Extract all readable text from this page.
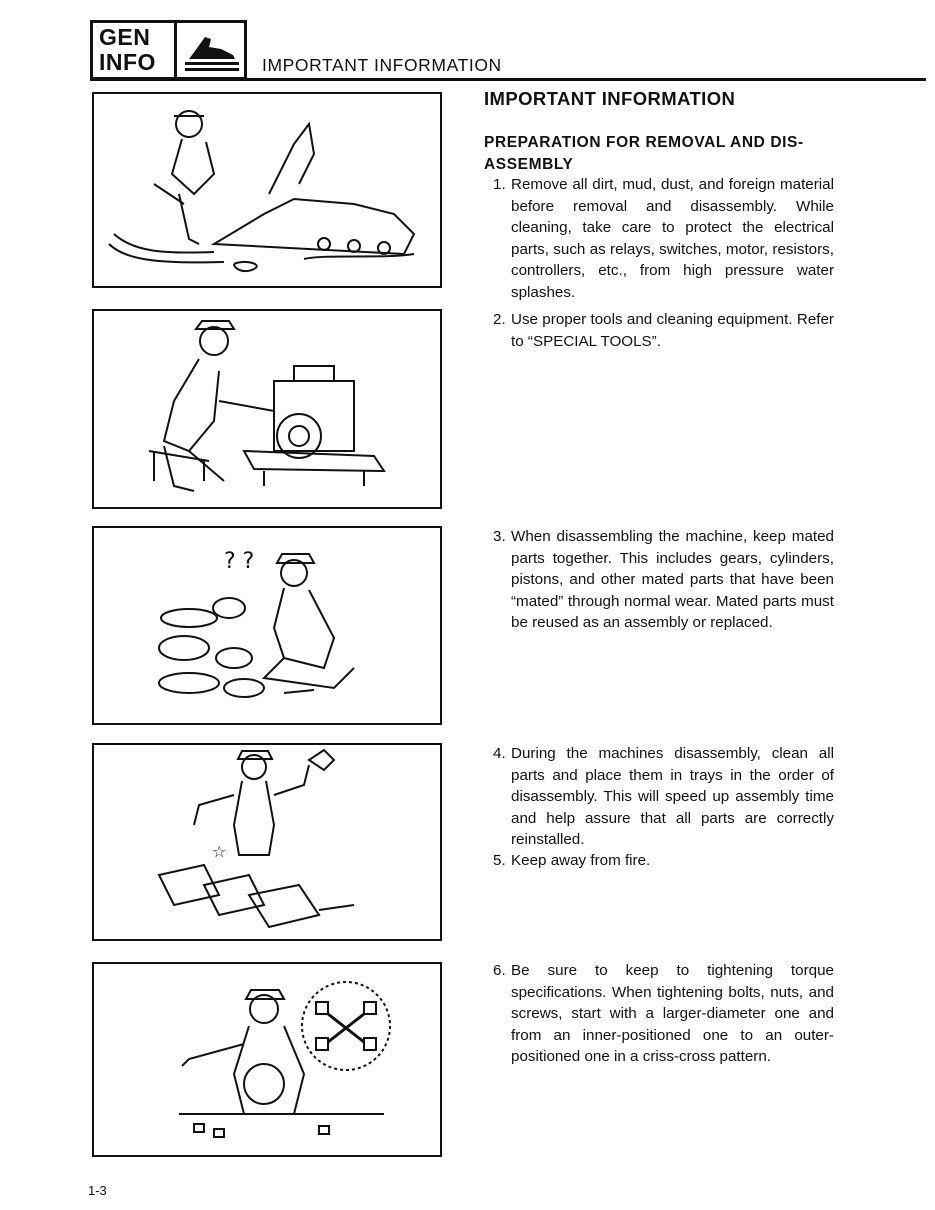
GEN
INFO	IMPORTANT INFORMATION
IMPORTANT INFORMATION
PREPARATION FOR REMOVAL AND DIS-ASSEMBLY
? ?
☆
1. Remove all dirt, mud, dust, and foreign material before removal and disassembly. While cleaning, take care to protect the electrical parts, such as relays, switches, motor, resistors, controllers, etc., from high pressure water splashes.
2. Use proper tools and cleaning equipment. Refer to “SPECIAL TOOLS”.
3. When disassembling the machine, keep mated parts together. This includes gears, cylinders, pistons, and other mated parts that have been “mated” through normal wear. Mated parts must be reused as an assembly or replaced.
4. During the machines disassembly, clean all parts and place them in trays in the order of disassembly. This will speed up assembly time and help assure that all parts are correctly reinstalled.
5. Keep away from fire.
6. Be sure to keep to tightening torque specifications. When tightening bolts, nuts, and screws, start with a larger-diameter one and from an inner-positioned one to an outer-positioned one in a criss-cross pattern.
1-3
